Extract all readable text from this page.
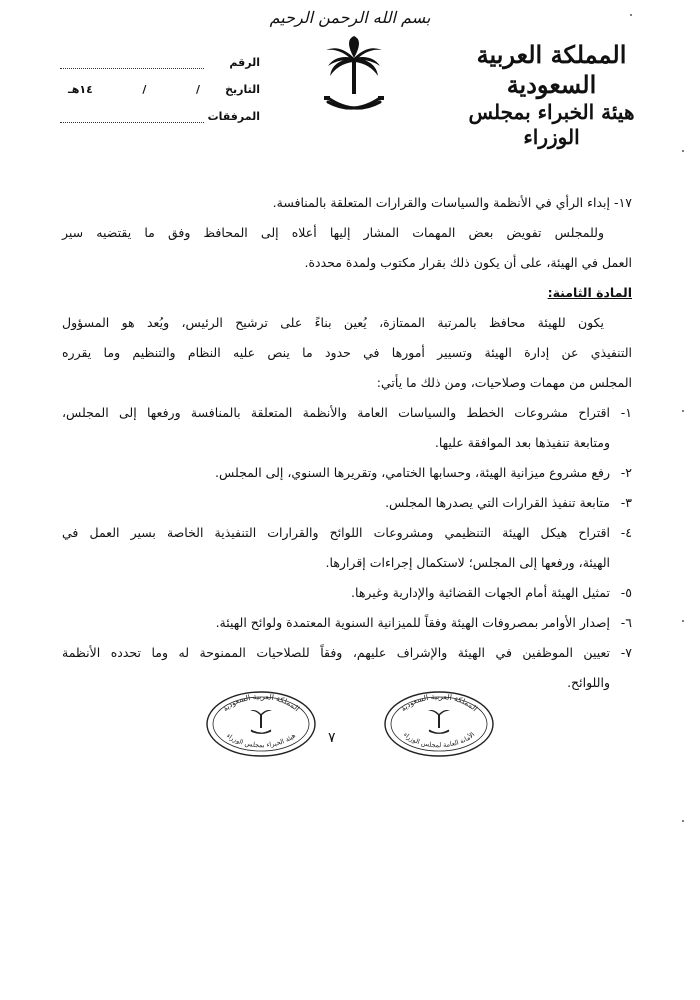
بسم الله الرحمن الرحيم
المملكة العربية السعودية
هيئة الخبراء بمجلس الوزراء
الرقم
التاريخ
/
/
١٤هـ
المرفقات
١٧-
إبداء الرأي في الأنظمة والسياسات والقرارات المتعلقة بالمنافسة.

وللمجلس تفويض بعض المهمات المشار إليها أعلاه إلى المحافظ وفق ما يقتضيه سير

العمل في الهيئة، على أن يكون ذلك بقرار مكتوب ولمدة محددة.

المادة الثامنة:

يكون للهيئة محافظ بالمرتبة الممتازة، يُعين بناءً على ترشيح الرئيس، ويُعد هو المسؤول

التنفيذي عن إدارة الهيئة وتسيير أمورها في حدود ما ينص عليه النظام والتنظيم وما يقرره

المجلس من مهمات وصلاحيات، ومن ذلك ما يأتي:

١-
اقتراح مشروعات الخطط والسياسات العامة والأنظمة المتعلقة بالمنافسة ورفعها إلى المجلس،

ومتابعة تنفيذها بعد الموافقة عليها.

٢-
رفع مشروع ميزانية الهيئة، وحسابها الختامي، وتقريرها السنوي، إلى المجلس.
٣-
متابعة تنفيذ القرارات التي يصدرها المجلس.
٤-
اقتراح هيكل الهيئة التنظيمي ومشروعات اللوائح والقرارات التنفيذية الخاصة بسير العمل في

الهيئة، ورفعها إلى المجلس؛ لاستكمال إجراءات إقرارها.

٥-
تمثيل الهيئة أمام الجهات القضائية والإدارية وغيرها.
٦-
إصدار الأوامر بمصروفات الهيئة وفقاً للميزانية السنوية المعتمدة ولوائح الهيئة.
٧-
تعيين الموظفين في الهيئة والإشراف عليهم، وفقاً للصلاحيات الممنوحة له وما تحدده الأنظمة

واللوائح.

المملكة العربية السعودية
الأمانة العامة لمجلس الوزراء
٧
المملكة العربية السعودية
هيئة الخبراء بمجلس الوزراء
